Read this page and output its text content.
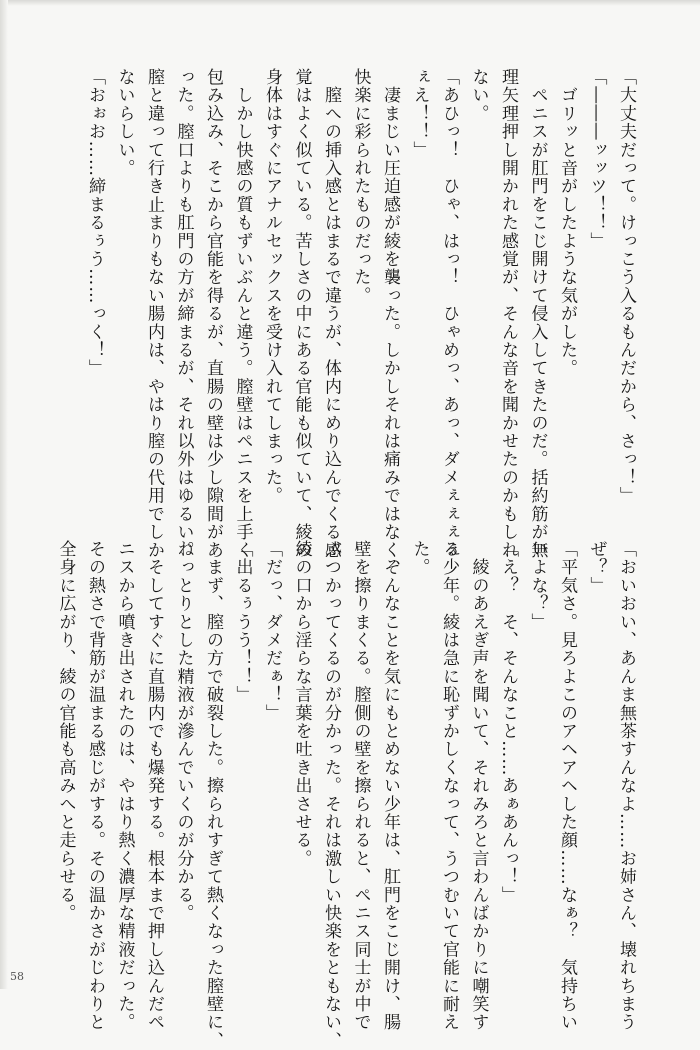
「大丈夫だって。けっこう入るもんだから、さっ！」
「―――ッッツ！！」
　ゴリッと音がしたような気がした。
　ペニスが肛門をこじ開けて侵入してきたのだ。括約筋が無
理矢理押し開かれた感覚が、そんな音を聞かせたのかもしれ
ない。
「あひっ！　ひゃ、はっ！　ひゃめっ、あっ、ダメぇぇぇぇ
ぇえ！！」
　凄まじい圧迫感が綾を襲った。しかしそれは痛みではなく、
快楽に彩られたものだった。
　膣への挿入感とはまるで違うが、体内にめり込んでくる感
覚はよく似ている。苦しさの中にある官能も似ていて、綾の
身体はすぐにアナルセックスを受け入れてしまった。
　しかし快感の質もずいぶんと違う。膣壁はペニスを上手く
包み込み、そこから官能を得るが、直腸の壁は少し隙間があ
った。膣口よりも肛門の方が締まるが、それ以外はゆるい。
膣と違って行き止まりもない腸内は、やはり膣の代用でしか
ないらしい。
「おぉお……締まるぅう……っく！」
「おいおい、あんま無茶すんなよ……お姉さん、壊れちまう
ぜ？」
「平気さ。見ろよこのアヘアヘした顔……なぁ？　気持ちい
いよな？」
「え？　そ、そんなこと……あぁあんっ！」
　綾のあえぎ声を聞いて、それみろと言わんばかりに嘲笑す
る少年。綾は急に恥ずかしくなって、うつむいて官能に耐え
た。
　そんなことを気にもとめない少年は、肛門をこじ開け、腸
壁を擦りまくる。膣側の壁を擦られると、ペニス同士が中で
ぶつかってくるのが分かった。それは激しい快楽をともない、
綾の口から淫らな言葉を吐き出させる。
「だっ、ダメだぁ！」
「出るぅうう！！」
　まず、膣の方で破裂した。擦られすぎて熱くなった膣壁に、
ねっとりとした精液が滲んでいくのが分かる。
　そしてすぐに直腸内でも爆発する。根本まで押し込んだペ
ニスから噴き出されたのは、やはり熱く濃厚な精液だった。
その熱さで背筋が温まる感じがする。その温かさがじわりと
全身に広がり、綾の官能も高みへと走らせる。
58
